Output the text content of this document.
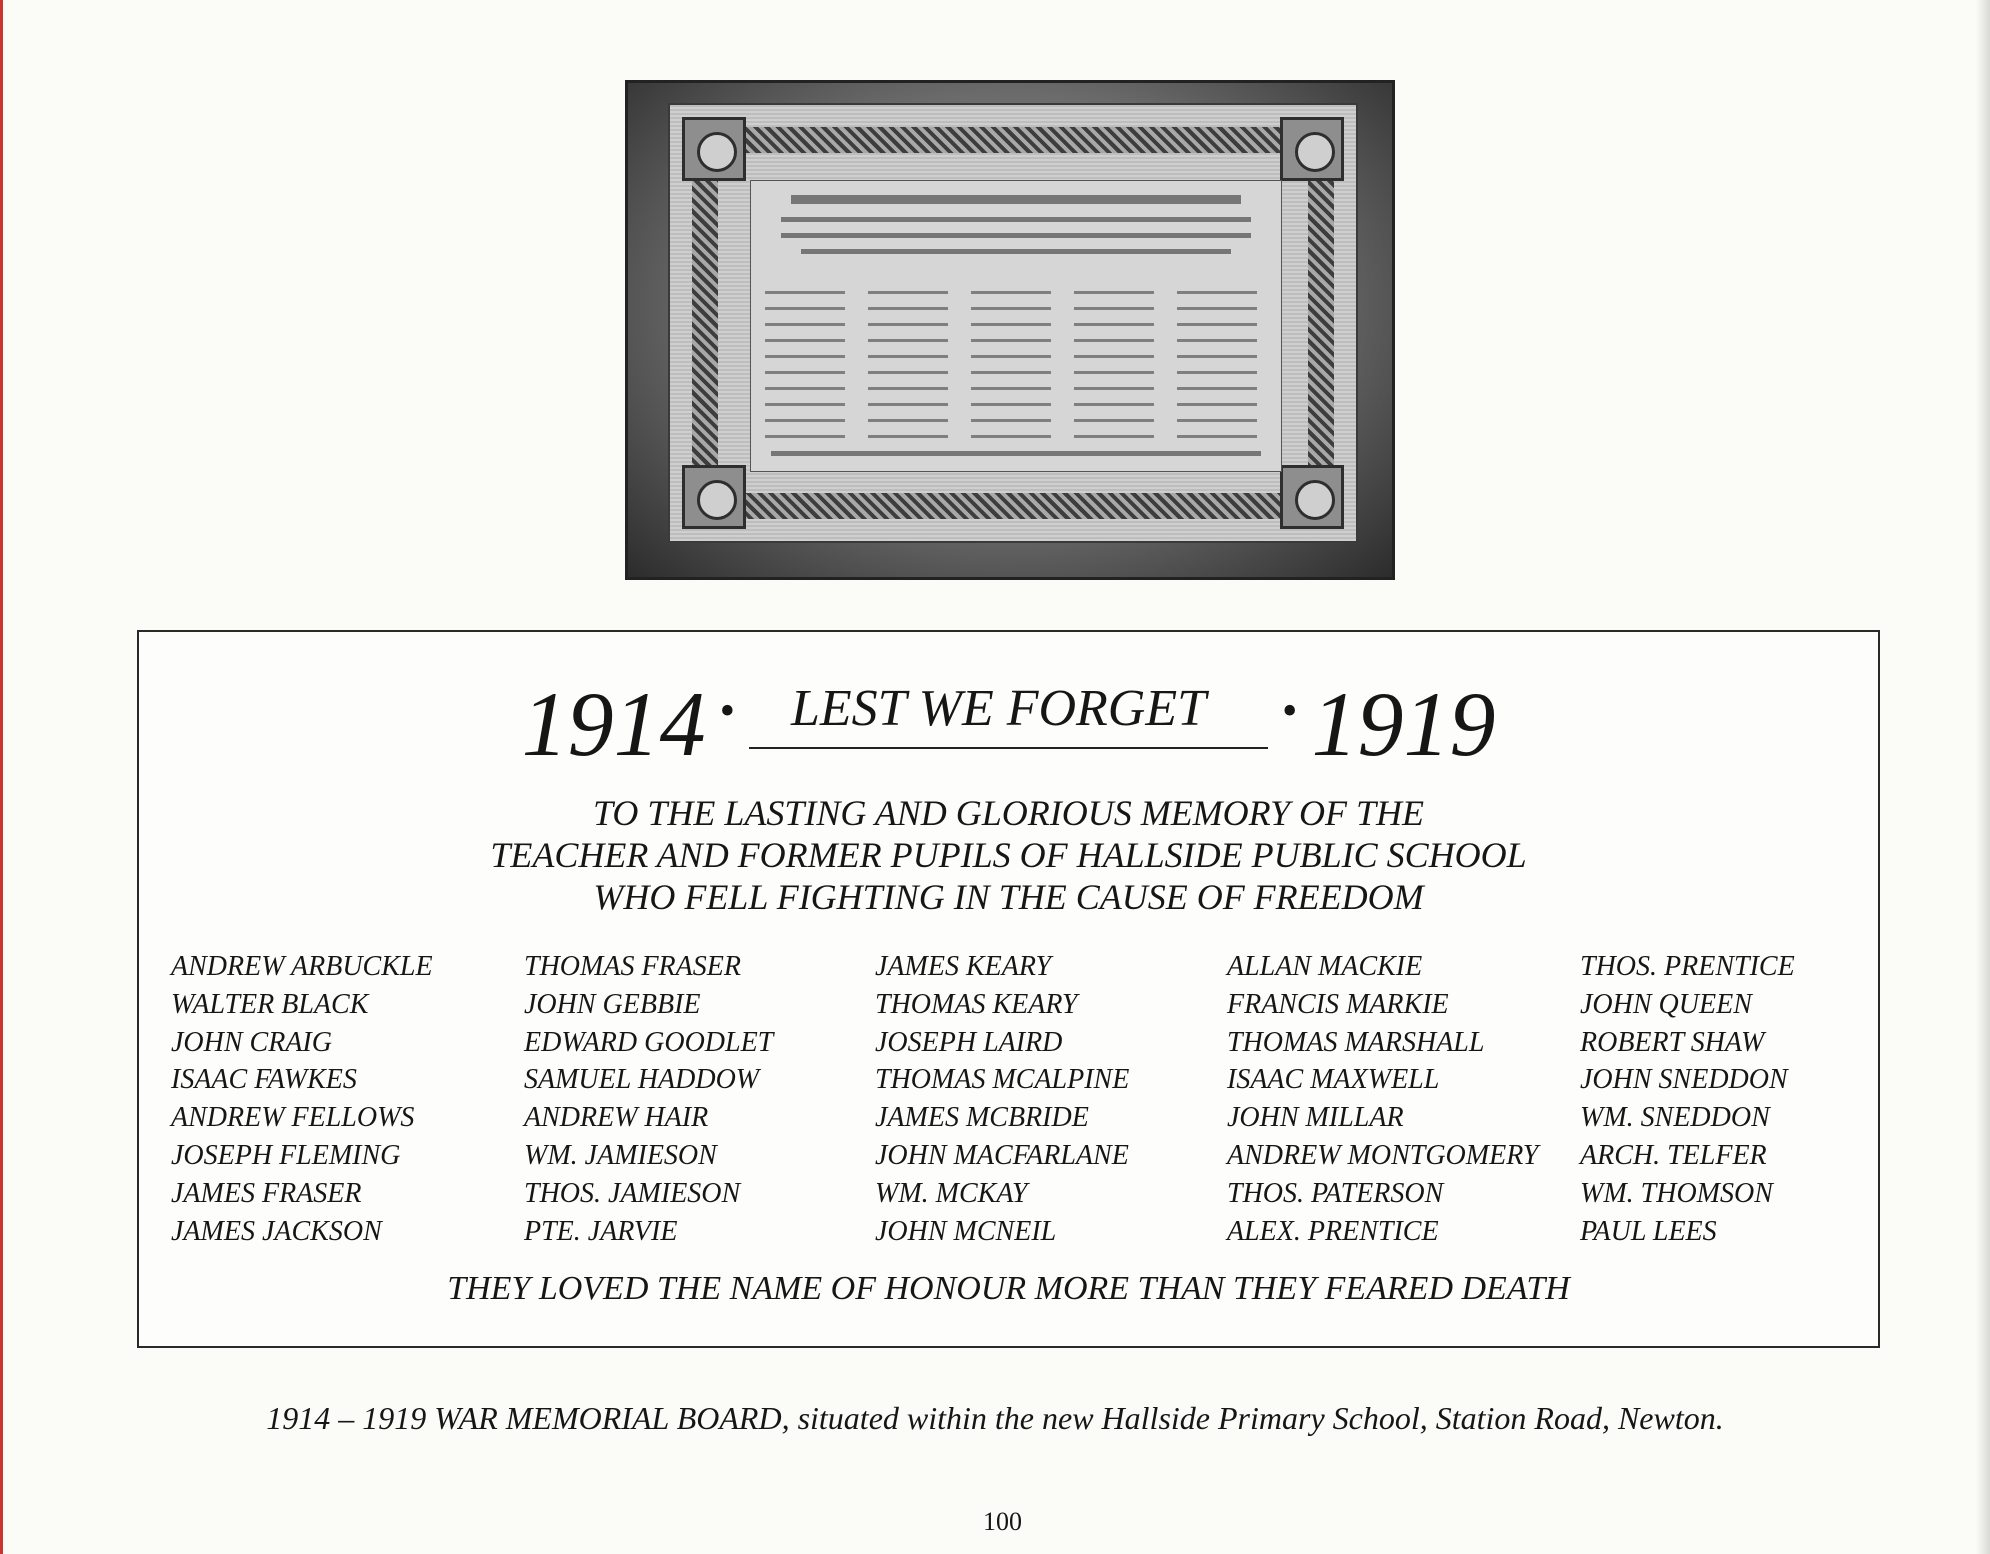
1914 • LEST WE FORGET • 1919
TO THE LASTING AND GLORIOUS MEMORY OF THE
TEACHER AND FORMER PUPILS OF HALLSIDE PUBLIC SCHOOL
WHO FELL FIGHTING IN THE CAUSE OF FREEDOM
ANDREW ARBUCKLE
WALTER BLACK
JOHN CRAIG
ISAAC FAWKES
ANDREW FELLOWS
JOSEPH FLEMING
JAMES FRASER
JAMES JACKSON
THOMAS FRASER
JOHN GEBBIE
EDWARD GOODLET
SAMUEL HADDOW
ANDREW HAIR
WM. JAMIESON
THOS. JAMIESON
PTE. JARVIE
JAMES KEARY
THOMAS KEARY
JOSEPH LAIRD
THOMAS MCALPINE
JAMES MCBRIDE
JOHN MACFARLANE
WM. MCKAY
JOHN MCNEIL
ALLAN MACKIE
FRANCIS MARKIE
THOMAS MARSHALL
ISAAC MAXWELL
JOHN MILLAR
ANDREW MONTGOMERY
THOS. PATERSON
ALEX. PRENTICE
THOS. PRENTICE
JOHN QUEEN
ROBERT SHAW
JOHN SNEDDON
WM. SNEDDON
ARCH. TELFER
WM. THOMSON
PAUL LEES
THEY LOVED THE NAME OF HONOUR MORE THAN THEY FEARED DEATH
1914 – 1919 WAR MEMORIAL BOARD, situated within the new Hallside Primary School, Station Road, Newton.
100
